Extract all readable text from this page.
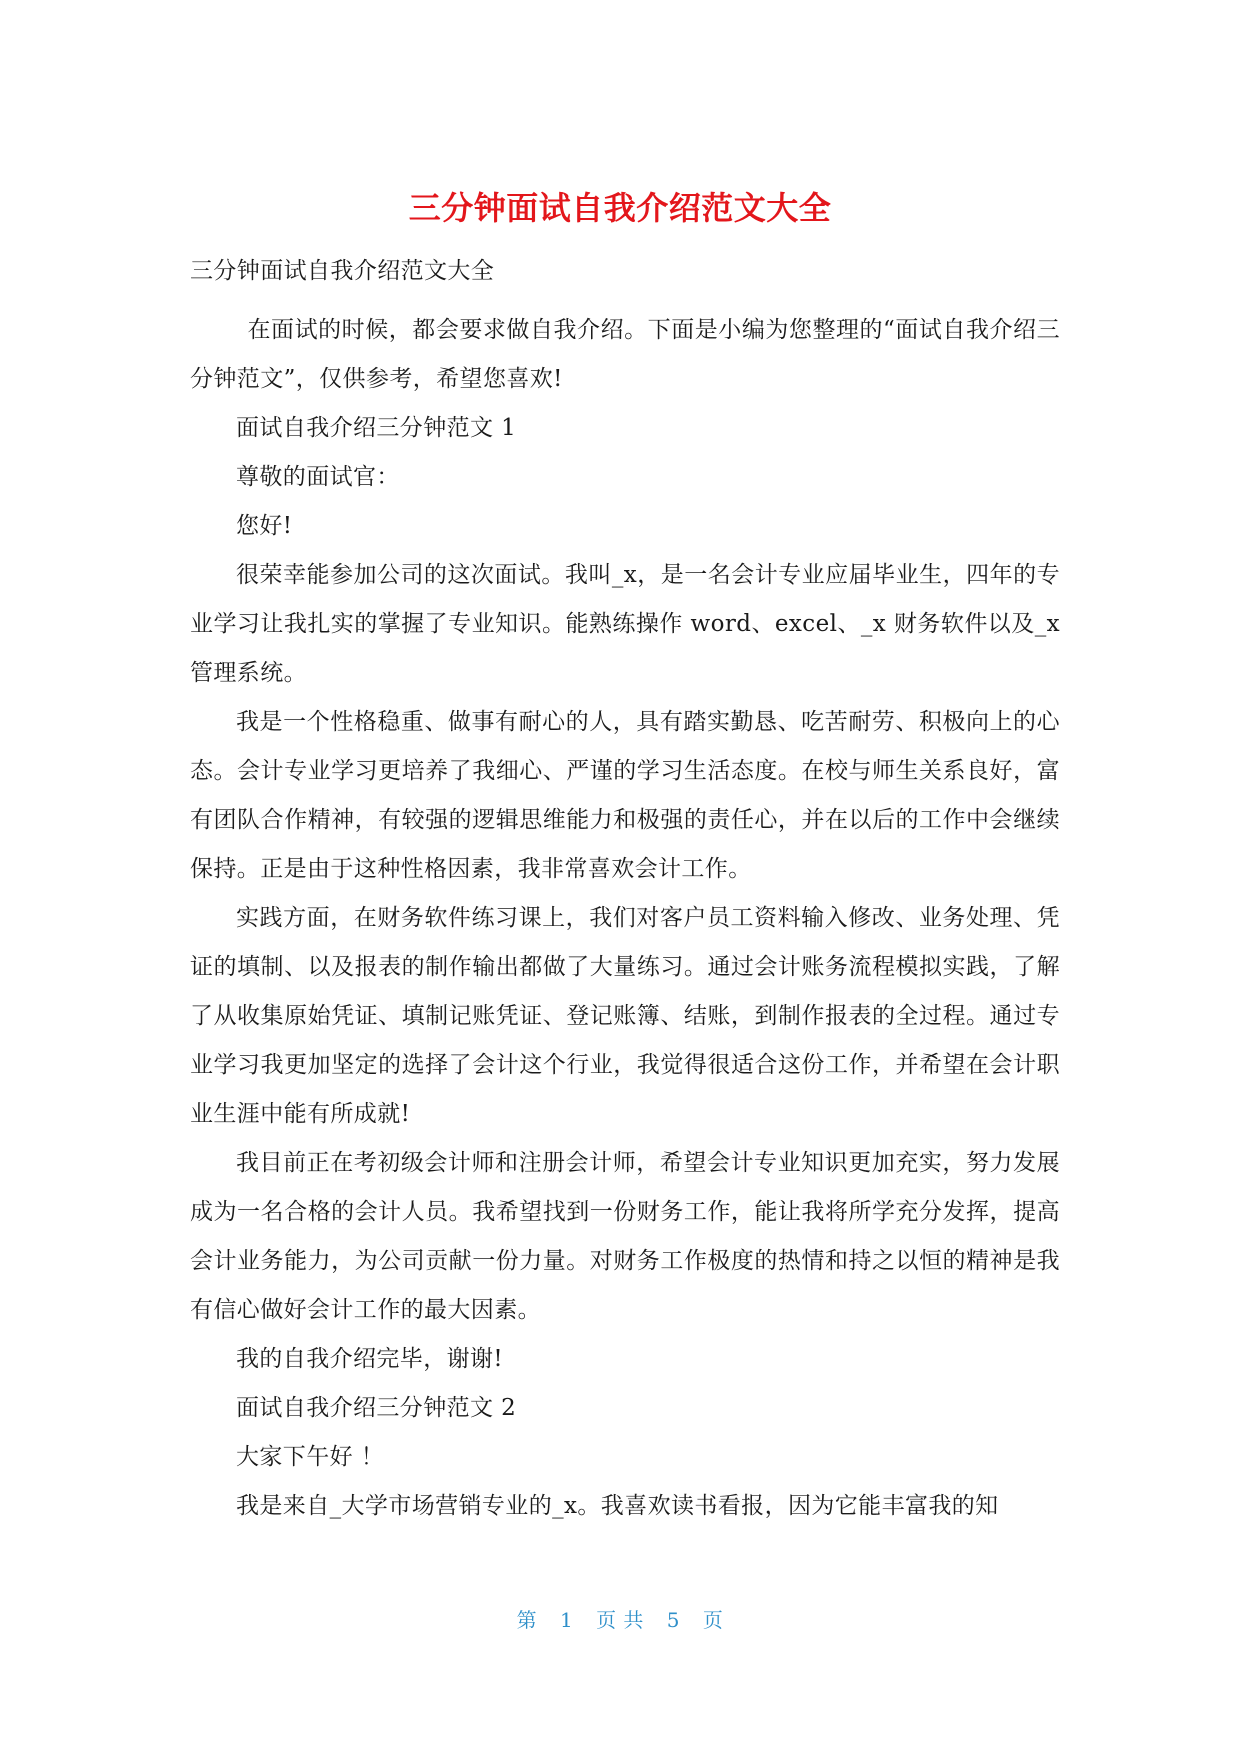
三分钟面试自我介绍范文大全
三分钟面试自我介绍范文大全

在面试的时候，都会要求做自我介绍。下面是小编为您整理的“面试自我介绍三分钟范文”，仅供参考，希望您喜欢!

面试自我介绍三分钟范文 1

尊敬的面试官：

您好!

很荣幸能参加公司的这次面试。我叫_x，是一名会计专业应届毕业生，四年的专业学习让我扎实的掌握了专业知识。能熟练操作 word、excel、_x 财务软件以及_x 管理系统。

我是一个性格稳重、做事有耐心的人，具有踏实勤恳、吃苦耐劳、积极向上的心态。会计专业学习更培养了我细心、严谨的学习生活态度。在校与师生关系良好，富有团队合作精神，有较强的逻辑思维能力和极强的责任心，并在以后的工作中会继续保持。正是由于这种性格因素，我非常喜欢会计工作。

实践方面，在财务软件练习课上，我们对客户员工资料输入修改、业务处理、凭证的填制、以及报表的制作输出都做了大量练习。通过会计账务流程模拟实践，了解了从收集原始凭证、填制记账凭证、登记账簿、结账，到制作报表的全过程。通过专业学习我更加坚定的选择了会计这个行业，我觉得很适合这份工作，并希望在会计职业生涯中能有所成就!

我目前正在考初级会计师和注册会计师，希望会计专业知识更加充实，努力发展成为一名合格的会计人员。我希望找到一份财务工作，能让我将所学充分发挥，提高会计业务能力，为公司贡献一份力量。对财务工作极度的热情和持之以恒的精神是我有信心做好会计工作的最大因素。

我的自我介绍完毕，谢谢!

面试自我介绍三分钟范文 2

大家下午好 ！

我是来自_大学市场营销专业的_x。我喜欢读书看报，因为它能丰富我的知

第 1 页 共 5 页
